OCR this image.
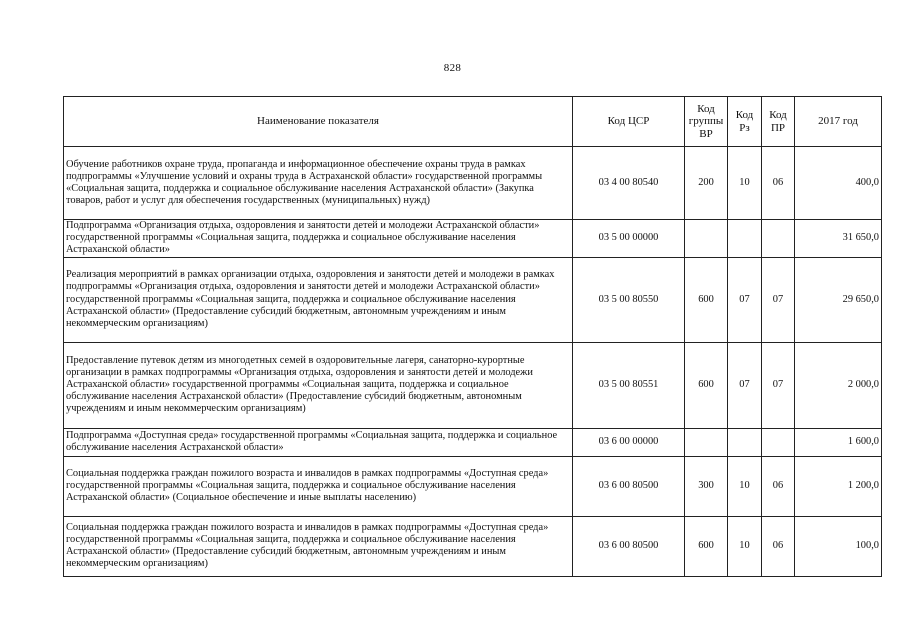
828
Наименование показателя	Код ЦСР	Код группы ВР	Код Рз	Код ПР	2017 год
Обучение работников охране труда, пропаганда и информационное обеспечение охраны труда в рамках подпрограммы «Улучшение условий и охраны труда в Астраханской области» государственной программы «Социальная защита, поддержка и социальное обслуживание населения Астраханской области» (Закупка товаров, работ и услуг для обеспечения государственных (муниципальных) нужд)	03 4 00 80540	200	10	06	400,0
Подпрограмма «Организация отдыха, оздоровления и занятости детей и молодежи Астраханской области» государственной программы «Социальная защита, поддержка и социальное обслуживание населения Астраханской области»	03 5 00 00000				31 650,0
Реализация мероприятий в рамках организации отдыха, оздоровления и занятости детей и молодежи в рамках подпрограммы «Организация отдыха, оздоровления и занятости детей и молодежи Астраханской области» государственной программы «Социальная защита, поддержка и социальное обслуживание населения Астраханской области» (Предоставление субсидий бюджетным, автономным учреждениям и иным некоммерческим организациям)	03 5 00 80550	600	07	07	29 650,0
Предоставление путевок детям из многодетных семей в оздоровительные лагеря, санаторно-курортные организации в рамках подпрограммы «Организация отдыха, оздоровления и занятости детей и молодежи Астраханской области» государственной программы «Социальная защита, поддержка и социальное обслуживание населения Астраханской области» (Предоставление субсидий бюджетным, автономным учреждениям и иным некоммерческим организациям)	03 5 00 80551	600	07	07	2 000,0
Подпрограмма «Доступная среда» государственной программы «Социальная защита, поддержка и социальное обслуживание населения Астраханской области»	03 6 00 00000				1 600,0
Социальная поддержка граждан пожилого возраста и инвалидов в рамках подпрограммы «Доступная среда» государственной программы «Социальная защита, поддержка и социальное обслуживание населения Астраханской области» (Социальное обеспечение и иные выплаты населению)	03 6 00 80500	300	10	06	1 200,0
Социальная поддержка граждан пожилого возраста и инвалидов в рамках подпрограммы «Доступная среда» государственной программы «Социальная защита, поддержка и социальное обслуживание населения Астраханской области» (Предоставление субсидий бюджетным, автономным учреждениям и иным некоммерческим организациям)	03 6 00 80500	600	10	06	100,0
